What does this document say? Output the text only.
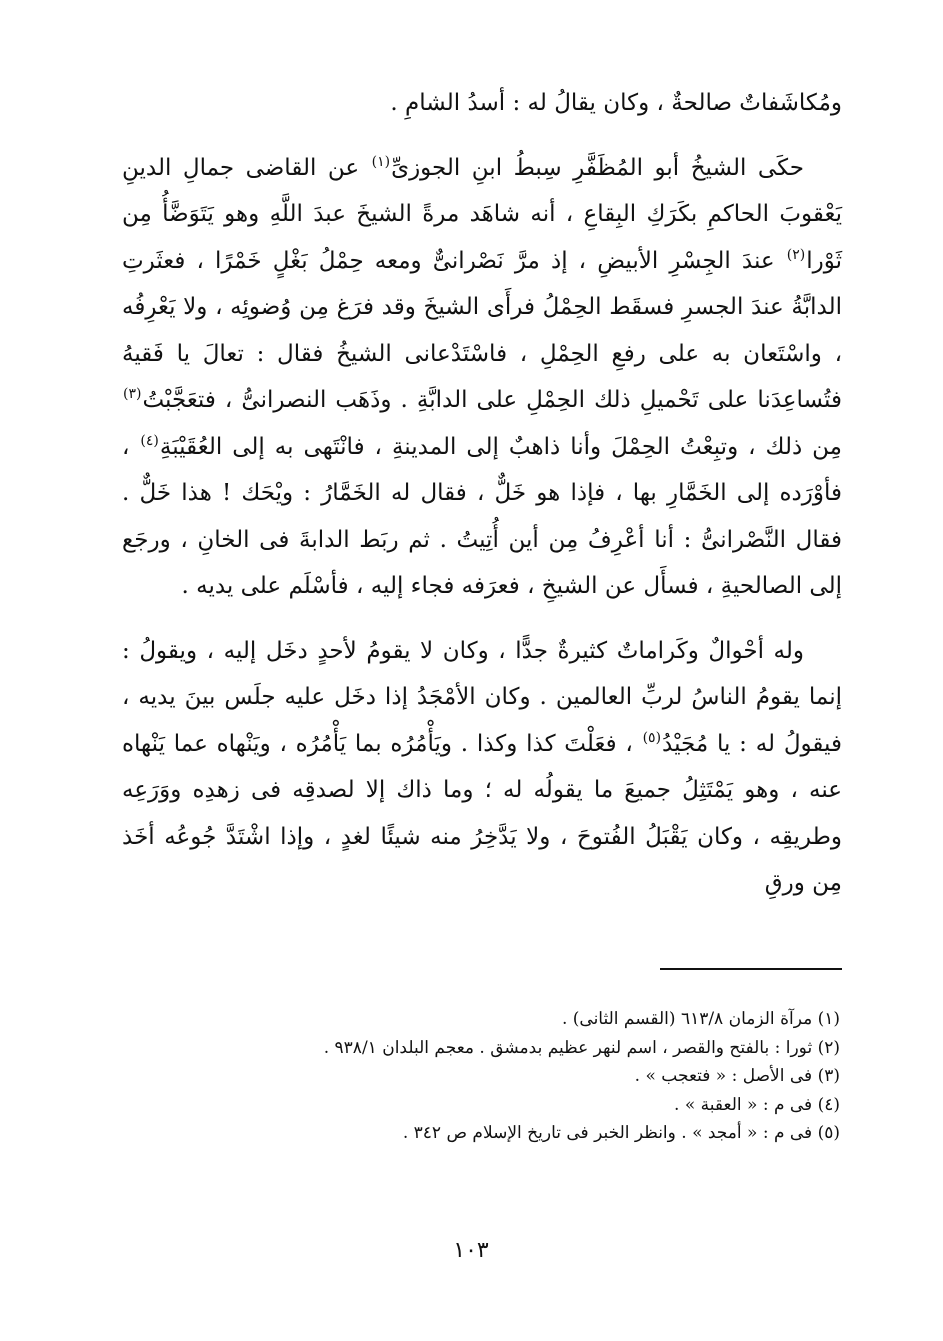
ومُكاشَفاتٌ صالحةٌ ، وكان يقالُ له : أسدُ الشامِ .

حكَى الشيخُ أبو المُظَفَّرِ سِبطُ ابنِ الجوزىِّ$^{(١)}$ عن القاضى جمالِ الدينِ يَعْقوبَ الحاكمِ بكَرَكِ البِقاعِ ، أنه شاهَد مرةً الشيخَ عبدَ اللَّهِ وهو يَتَوَضَّأُ مِن ثَوْرا$^{(٢)}$ عندَ الجِسْرِ الأبيضِ ، إذ مرَّ نَصْرانىٌّ ومعه حِمْلُ بَغْلٍ خَمْرًا ، فعثَرتِ الدابَّةُ عندَ الجسرِ فسقَط الحِمْلُ فرأَى الشيخَ وقد فرَغ مِن وُضوئِه ، ولا يَعْرِفُه ، واسْتَعان به على رفعِ الحِمْلِ ، فاسْتَدْعانى الشيخُ فقال : تعالَ يا فَقيهُ فتُساعِدَنا على تَحْميلِ ذلك الحِمْلِ على الدابَّةِ . وذَهَب النصرانىُّ ، فتعَجَّبْتُ$^{(٣)}$ مِن ذلك ، وتبِعْتُ الحِمْلَ وأنا ذاهبٌ إلى المدينةِ ، فانْتَهى به إلى العُقَيْبَةِ$^{(٤)}$ ، فأوْرَده إلى الخَمَّارِ بها ، فإذا هو خَلٌّ ، فقال له الخَمَّارُ : ويْحَك ! هذا خَلٌّ . فقال النَّصْرانىُّ : أنا أعْرِفُ مِن أين أُتِيتُ . ثم ربَط الدابةَ فى الخانِ ، ورجَع إلى الصالحيةِ ، فسأَل عن الشيخِ ، فعرَفه فجاء إليه ، فأسْلَم على يديه .

وله أحْوالٌ وكَراماتٌ كثيرةٌ جدًّا ، وكان لا يقومُ لأحدٍ دخَل إليه ، ويقولُ : إنما يقومُ الناسُ لربِّ العالمين . وكان الأمْجَدُ إذا دخَل عليه جلَس بينَ يديه ، فيقولُ له : يا مُجَيْدُ$^{(٥)}$ ، فعَلْتَ كذا وكذا . ويَأْمُرُه بما يَأْمُرُه ، ويَنْهاه عما يَنْهاه عنه ، وهو يَمْتَثِلُ جميعَ ما يقولُه له ؛ وما ذاك إلا لصدقِه فى زهدِه ووَرَعِه وطريقِه ، وكان يَقْبَلُ الفُتوحَ ، ولا يَدَّخِرُ منه شيئًا لغدٍ ، وإذا اشْتَدَّ جُوعُه أخَذ مِن ورقِ

(١) مرآة الزمان ٦١٣/٨ (القسم الثانى) .

(٢) ثورا : بالفتح والقصر ، اسم لنهر عظيم بدمشق . معجم البلدان ٩٣٨/١ .

(٣) فى الأصل : « فتعجب » .

(٤) فى م : « العقبة » .

(٥) فى م : « أمجد » . وانظر الخبر فى تاريخ الإسلام ص ٣٤٢ .

١٠٣
